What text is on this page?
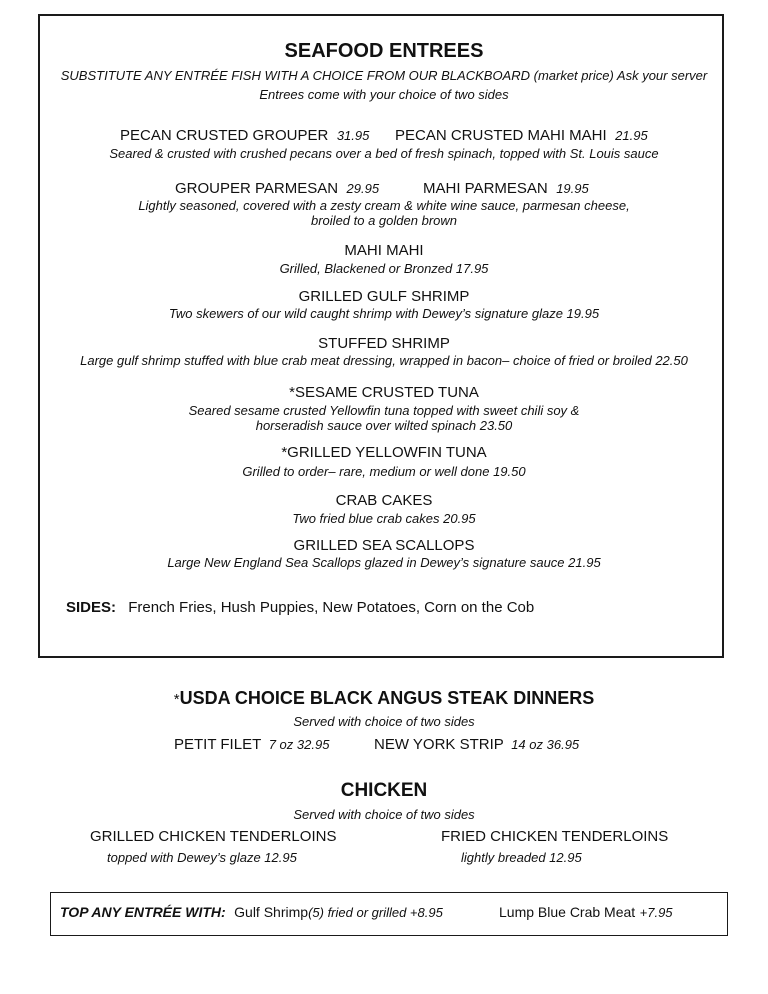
SEAFOOD ENTREES
SUBSTITUTE ANY ENTRÉE FISH WITH A CHOICE FROM OUR BLACKBOARD (market price) Ask your server
Entrees come with your choice of two sides
PECAN CRUSTED GROUPER 31.95 PECAN CRUSTED MAHI MAHI 21.95
Seared & crusted with crushed pecans over a bed of fresh spinach, topped with St. Louis sauce
GROUPER PARMESAN 29.95	MAHI PARMESAN 19.95
Lightly seasoned, covered with a zesty cream & white wine sauce, parmesan cheese,
broiled to a golden brown
MAHI MAHI
Grilled, Blackened or Bronzed 17.95
GRILLED GULF SHRIMP
Two skewers of our wild caught shrimp with Dewey’s signature glaze 19.95
STUFFED SHRIMP
Large gulf shrimp stuffed with blue crab meat dressing, wrapped in bacon– choice of fried or broiled 22.50
*SESAME CRUSTED TUNA
Seared sesame crusted Yellowfin tuna topped with sweet chili soy &
horseradish sauce over wilted spinach 23.50
*GRILLED YELLOWFIN TUNA
Grilled to order– rare, medium or well done 19.50
CRAB CAKES
Two fried blue crab cakes 20.95
GRILLED SEA SCALLOPS
Large New England Sea Scallops glazed in Dewey’s signature sauce 21.95
SIDES: French Fries, Hush Puppies, New Potatoes, Corn on the Cob
*USDA CHOICE BLACK ANGUS STEAK DINNERS
Served with choice of two sides
PETIT FILET 7 oz 32.95	NEW YORK STRIP 14 oz 36.95
CHICKEN
Served with choice of two sides
GRILLED CHICKEN TENDERLOINS
topped with Dewey’s glaze 12.95
FRIED CHICKEN TENDERLOINS
lightly breaded 12.95
TOP ANY ENTRÉE WITH: Gulf Shrimp(5) fried or grilled +8.95	Lump Blue Crab Meat +7.95
